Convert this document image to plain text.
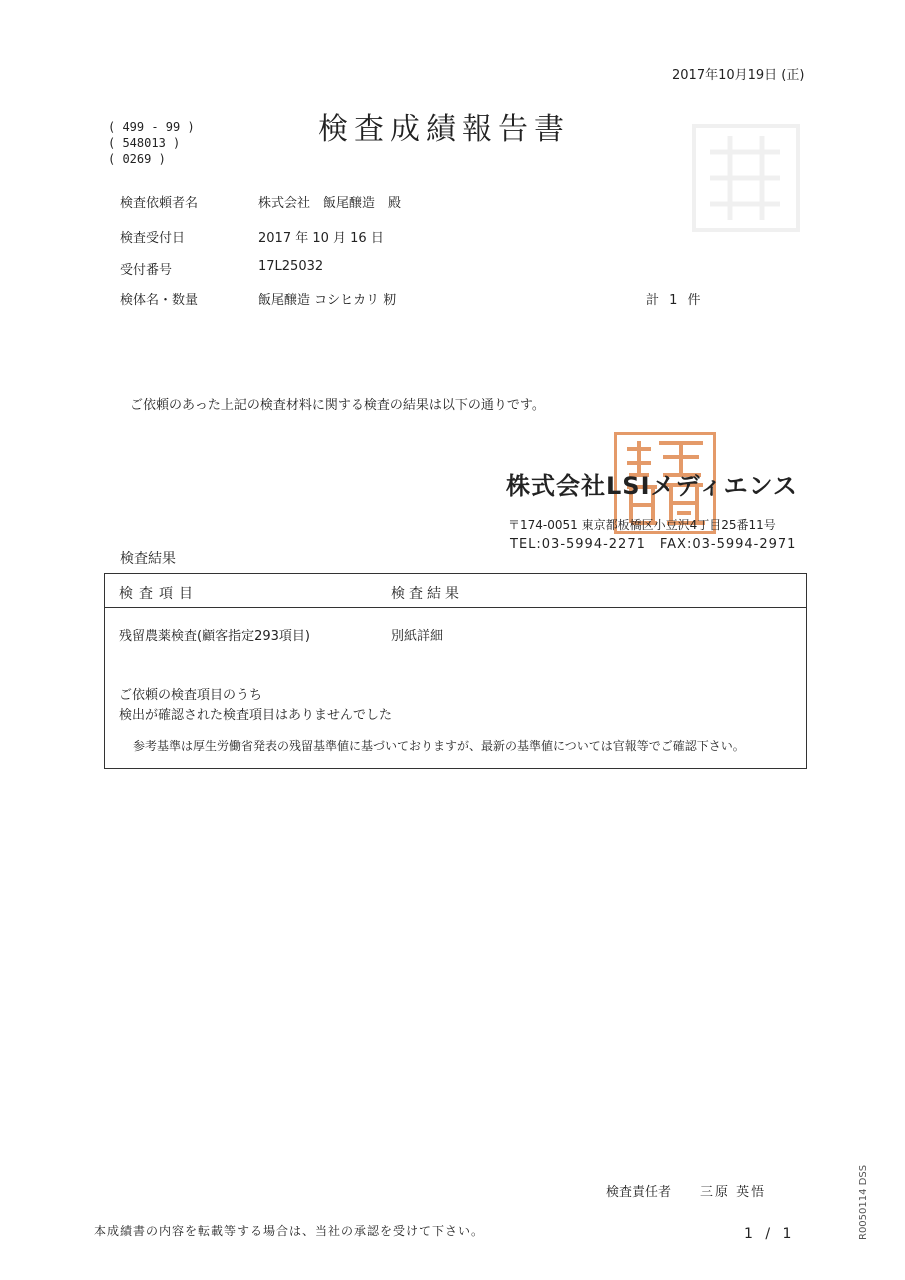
2017年10月19日 (正)
検査成績報告書
( 499 - 99 )
( 548013 )
( 0269 )
検査依頼者名	株式会社　飯尾醸造　殿
検査受付日	2017 年 10 月 16 日
受付番号	17L25032
検体名・数量	飯尾醸造 コシヒカリ 籾	計 1 件
ご依頼のあった上記の検査材料に関する検査の結果は以下の通りです。
株式会社LSIメディエンス
〒174-0051 東京都板橋区小豆沢4丁目25番11号
TEL:03-5994-2271　FAX:03-5994-2971
検査結果
検査項目	検査結果
残留農薬検査(顧客指定293項目)	別紙詳細
ご依頼の検査項目のうち
検出が確認された検査項目はありませんでした
参考基準は厚生労働省発表の残留基準値に基づいておりますが、最新の基準値については官報等でご確認下さい。
検査責任者 三原 英悟
本成績書の内容を転載等する場合は、当社の承認を受けて下さい。	1 / 1	R0050114 DSS
